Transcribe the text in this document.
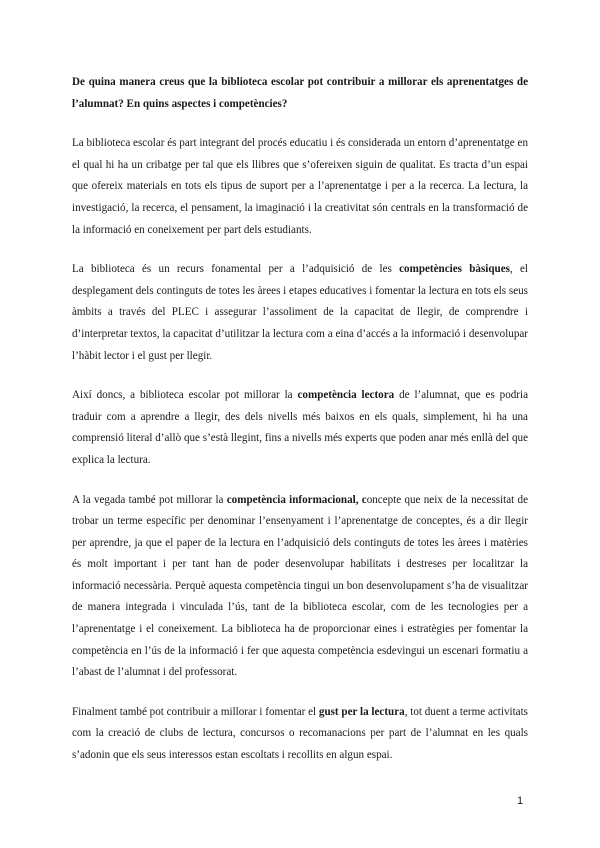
De quina manera creus que la biblioteca escolar pot contribuir a millorar els aprenentatges de l’alumnat? En quins aspectes i competències?

La biblioteca escolar és part integrant del procés educatiu i és considerada un entorn d’aprenentatge en el qual hi ha un cribatge per tal que els llibres que s’ofereixen siguin de qualitat. Es tracta d’un espai que ofereix materials en tots els tipus de suport per a l’aprenentatge i per a la recerca. La lectura, la investigació, la recerca, el pensament, la imaginació i la creativitat són centrals en la transformació de la informació en coneixement per part dels estudiants.

La biblioteca és un recurs fonamental per a l’adquisició de les competències bàsiques, el desplegament dels continguts de totes les àrees i etapes educatives i fomentar la lectura en tots els seus àmbits a través del PLEC i assegurar l’assoliment de la capacitat de llegir, de comprendre i d’interpretar textos, la capacitat d’utilitzar la lectura com a eina d’accés a la informació i desenvolupar l’hàbit lector i el gust per llegir.

Així doncs, a biblioteca escolar pot millorar la competència lectora de l’alumnat, que es podria traduir com a aprendre a llegir, des dels nivells més baixos en els quals, simplement, hi ha una comprensió literal d’allò que s’està llegint, fins a nivells més experts que poden anar més enllà del que explica la lectura.

A la vegada també pot millorar la competència informacional, concepte que neix de la necessitat de trobar un terme específic per denominar l’ensenyament i l’aprenentatge de conceptes, és a dir llegir per aprendre, ja que el paper de la lectura en l’adquisició dels continguts de totes les àrees i matèries és molt important i per tant han de poder desenvolupar habilitats i destreses per localitzar la informació necessària. Perquè aquesta competència tingui un bon desenvolupament s’ha de visualitzar de manera integrada i vinculada l’ús, tant de la biblioteca escolar, com de les tecnologies per a l’aprenentatge i el coneixement. La biblioteca ha de proporcionar eines i estratègies per fomentar la competència en l’ús de la informació i fer que aquesta competència esdevingui un escenari formatiu a l’abast de l’alumnat i del professorat.

Finalment també pot contribuir a millorar i fomentar el gust per la lectura, tot duent a terme activitats com la creació de clubs de lectura, concursos o recomanacions per part de l’alumnat en les quals s’adonin que els seus interessos estan escoltats i recollits en algun espai.

1
